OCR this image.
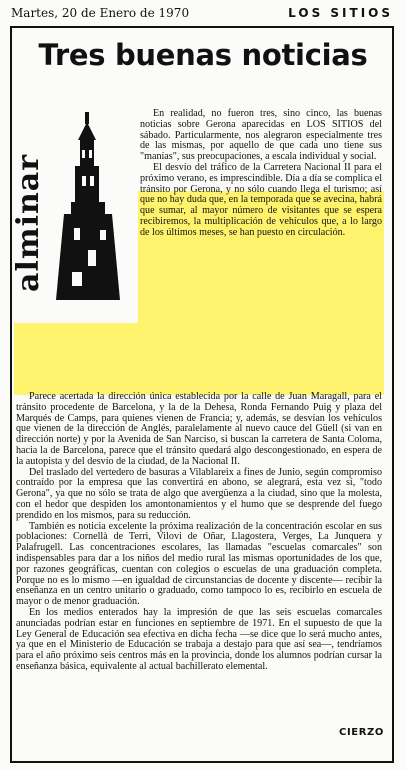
Martes, 20 de Enero de 1970	LOS SITIOS
Tres buenas noticias
alminar

En realidad, no fueron tres, sino cinco, las buenas noticias sobre Gerona aparecidas en LOS SITIOS del sábado. Particularmente, nos alegraron especialmente tres de las mismas, por aquello de que cada uno tiene sus "manías", sus preocupaciones, a escala individual y social.

El desvío del tráfico de la Carretera Nacional II para el próximo verano, es imprescindible. Día a día se complica el tránsito por Gerona, y no sólo cuando llega el turismo; así que no hay duda que, en la temporada que se avecina, habrá que sumar, al mayor número de visitantes que se espera recibiremos, la multiplicación de vehículos que, a lo largo de los últimos meses, se han puesto en circulación.

Parece acertada la dirección única establecida por la calle de Juan Maragall, para el tránsito procedente de Barcelona, y la de la Dehesa, Ronda Fernando Puig y plaza del Marqués de Camps, para quienes vienen de Francia; y, además, se desvían los vehículos que vienen de la dirección de Anglés, paralelamente al nuevo cauce del Güell (si van en dirección norte) y por la Avenida de San Narciso, si buscan la carretera de Santa Coloma, hacia la de Barcelona, parece que el tránsito quedará algo descongestionado, en espera de la autopista y del desvío de la ciudad, de la Nacional II.

Del traslado del vertedero de basuras a Vilablareix a fines de Junio, según compromiso contraído por la empresa que las convertirá en abono, se alegrará, esta vez sí, "todo Gerona", ya que no sólo se trata de algo que avergüenza a la ciudad, sino que la molesta, con el hedor que despiden los amontonamientos y el humo que se desprende del fuego prendido en los mismos, para su reducción.

También es noticia excelente la próxima realización de la concentración escolar en sus poblaciones: Cornellà de Terri, Vilovi de Oñar, Llagostera, Verges, La Junquera y Palafrugell. Las concentraciones escolares, las llamadas "escuelas comarcales" son indispensables para dar a los niños del medio rural las mismas oportunidades de los que, por razones geográficas, cuentan con colegios o escuelas de una graduación completa. Porque no es lo mismo —en igualdad de circunstancias de docente y discente— recibir la enseñanza en un centro unitario o graduado, como tampoco lo es, recibirlo en escuela de mayor o de menor graduación.

En los medios enterados hay la impresión de que las seis escuelas comarcales anunciadas podrían estar en funciones en septiembre de 1971. En el supuesto de que la Ley General de Educación sea efectiva en dicha fecha —se dice que lo será mucho antes, ya que en el Ministerio de Educación se trabaja a destajo para que así sea—, tendríamos para el año próximo seis centros más en la provincia, donde los alumnos podrían cursar la enseñanza básica, equivalente al actual bachillerato elemental.

CIERZO
